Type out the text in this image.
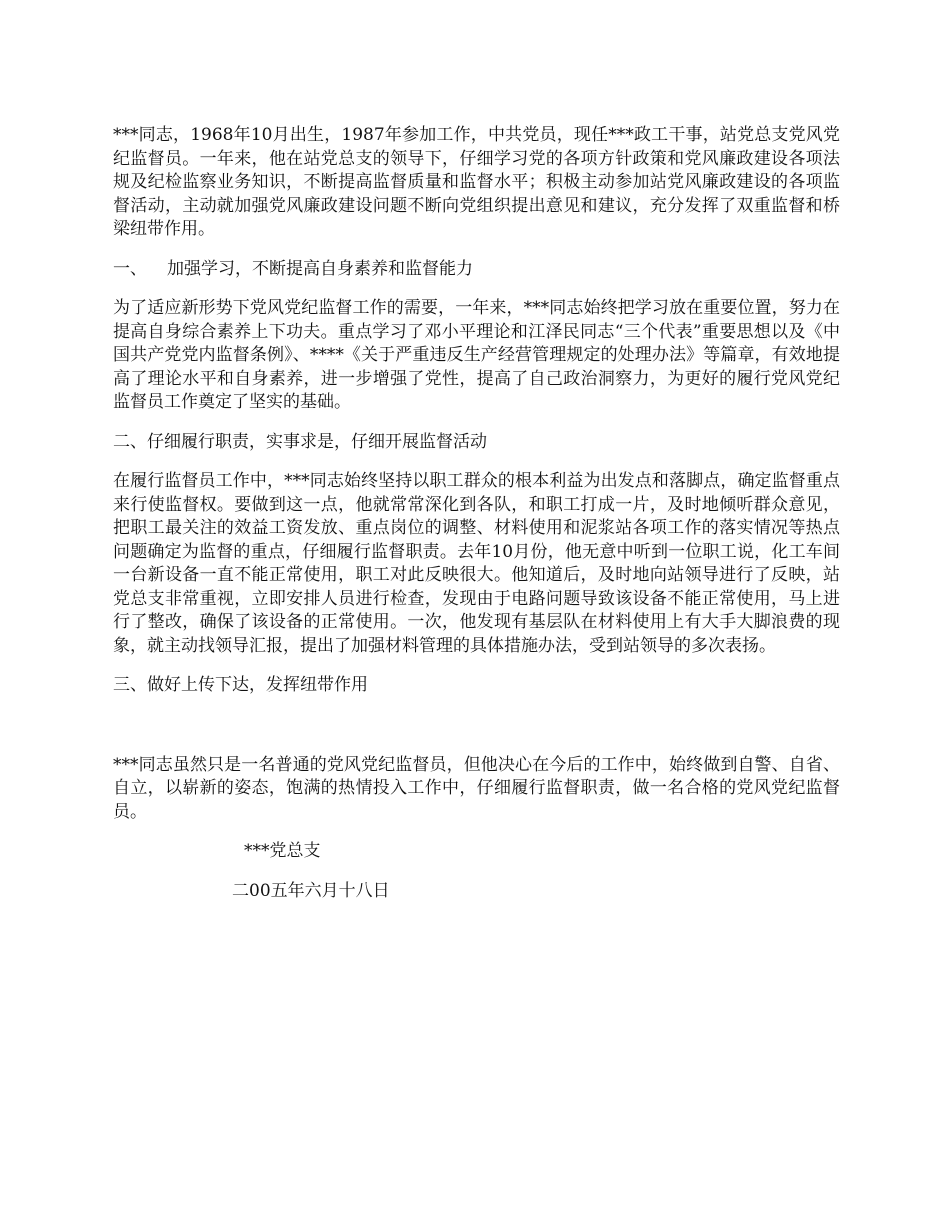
***同志，1968年10月出生，1987年参加工作，中共党员，现任***政工干事，站党总支党风党纪监督员。一年来，他在站党总支的领导下，仔细学习党的各项方针政策和党风廉政建设各项法规及纪检监察业务知识，不断提高监督质量和监督水平；积极主动参加站党风廉政建设的各项监督活动，主动就加强党风廉政建设问题不断向党组织提出意见和建议，充分发挥了双重监督和桥梁纽带作用。

一、 加强学习，不断提高自身素养和监督能力

为了适应新形势下党风党纪监督工作的需要，一年来，***同志始终把学习放在重要位置，努力在提高自身综合素养上下功夫。重点学习了邓小平理论和江泽民同志“三个代表”重要思想以及《中国共产党党内监督条例》、****《关于严重违反生产经营管理规定的处理办法》等篇章，有效地提高了理论水平和自身素养，进一步增强了党性，提高了自己政治洞察力，为更好的履行党风党纪监督员工作奠定了坚实的基础。

二、仔细履行职责，实事求是，仔细开展监督活动

在履行监督员工作中，***同志始终坚持以职工群众的根本利益为出发点和落脚点，确定监督重点来行使监督权。要做到这一点，他就常常深化到各队，和职工打成一片，及时地倾听群众意见，把职工最关注的效益工资发放、重点岗位的调整、材料使用和泥浆站各项工作的落实情况等热点问题确定为监督的重点，仔细履行监督职责。去年10月份，他无意中听到一位职工说，化工车间一台新设备一直不能正常使用，职工对此反映很大。他知道后，及时地向站领导进行了反映，站党总支非常重视，立即安排人员进行检查，发现由于电路问题导致该设备不能正常使用，马上进行了整改，确保了该设备的正常使用。一次，他发现有基层队在材料使用上有大手大脚浪费的现象，就主动找领导汇报，提出了加强材料管理的具体措施办法，受到站领导的多次表扬。

三、做好上传下达，发挥纽带作用

***同志虽然只是一名普通的党风党纪监督员，但他决心在今后的工作中，始终做到自警、自省、自立，以崭新的姿态，饱满的热情投入工作中，仔细履行监督职责，做一名合格的党风党纪监督员。

***党总支
二00五年六月十八日
